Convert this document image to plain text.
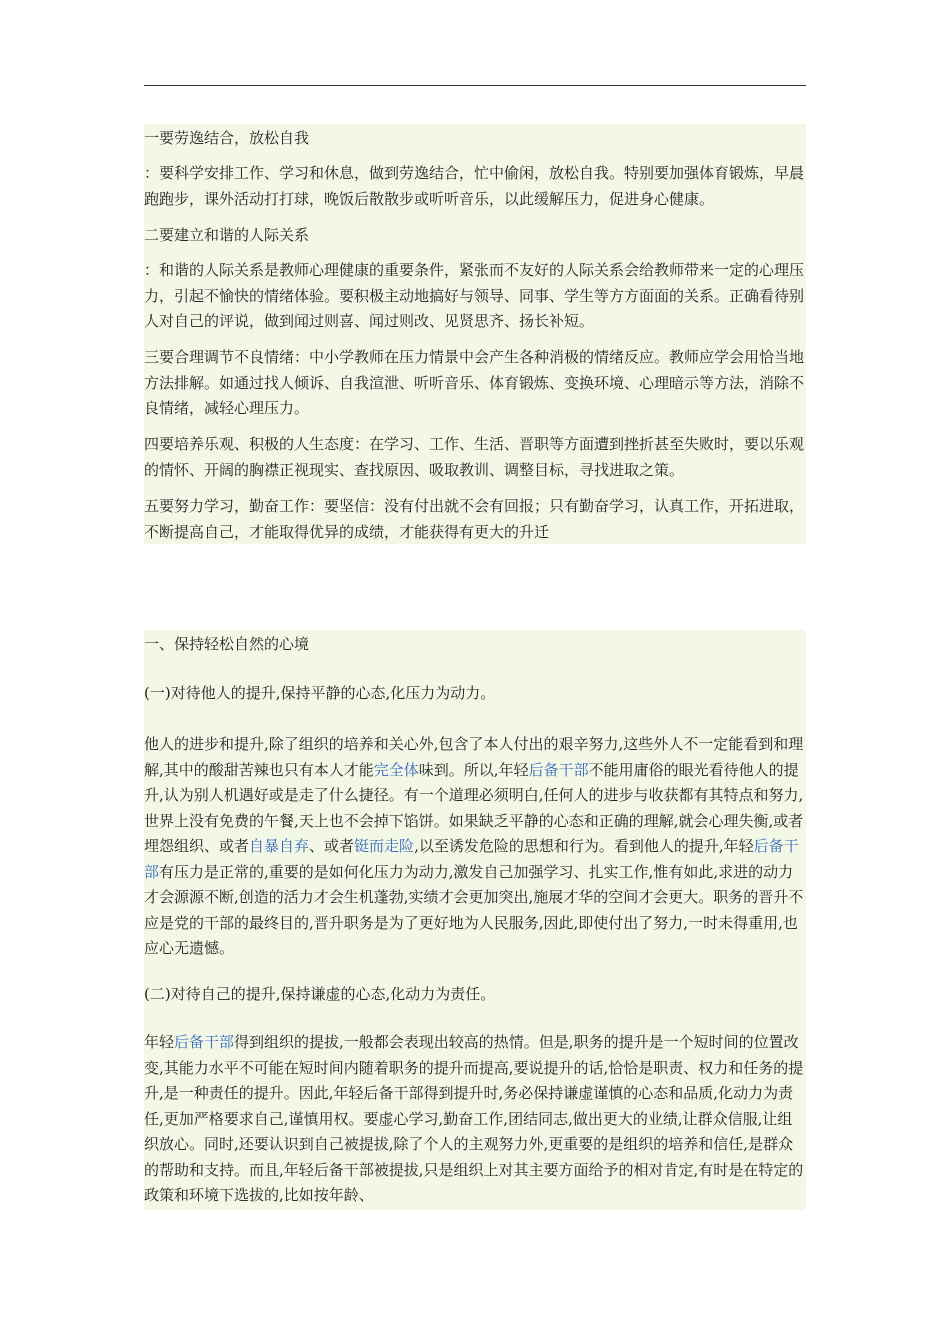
一要劳逸结合，放松自我

：要科学安排工作、学习和休息，做到劳逸结合，忙中偷闲，放松自我。特别要加强体育锻炼，早晨跑跑步，课外活动打打球，晚饭后散散步或听听音乐，以此缓解压力，促进身心健康。

二要建立和谐的人际关系

：和谐的人际关系是教师心理健康的重要条件，紧张而不友好的人际关系会给教师带来一定的心理压力，引起不愉快的情绪体验。要积极主动地搞好与领导、同事、学生等方方面面的关系。正确看待别人对自己的评说，做到闻过则喜、闻过则改、见贤思齐、扬长补短。

三要合理调节不良情绪：中小学教师在压力情景中会产生各种消极的情绪反应。教师应学会用恰当地方法排解。如通过找人倾诉、自我渲泄、听听音乐、体育锻炼、变换环境、心理暗示等方法，消除不良情绪，减轻心理压力。

四要培养乐观、积极的人生态度：在学习、工作、生活、晋职等方面遭到挫折甚至失败时，要以乐观的情怀、开阔的胸襟正视现实、查找原因、吸取教训、调整目标，寻找进取之策。

五要努力学习，勤奋工作：要坚信：没有付出就不会有回报；只有勤奋学习，认真工作，开拓进取，不断提高自己，才能取得优异的成绩，才能获得有更大的升迁

一、保持轻松自然的心境

(一)对待他人的提升,保持平静的心态,化压力为动力。

他人的进步和提升,除了组织的培养和关心外,包含了本人付出的艰辛努力,这些外人不一定能看到和理解,其中的酸甜苦辣也只有本人才能完全体味到。所以,年轻后备干部不能用庸俗的眼光看待他人的提升,认为别人机遇好或是走了什么捷径。有一个道理必须明白,任何人的进步与收获都有其特点和努力,世界上没有免费的午餐,天上也不会掉下馅饼。如果缺乏平静的心态和正确的理解,就会心理失衡,或者埋怨组织、或者自暴自弃、或者铤而走险,以至诱发危险的思想和行为。看到他人的提升,年轻后备干部有压力是正常的,重要的是如何化压力为动力,激发自己加强学习、扎实工作,惟有如此,求进的动力才会源源不断,创造的活力才会生机蓬勃,实绩才会更加突出,施展才华的空间才会更大。职务的晋升不应是党的干部的最终目的,晋升职务是为了更好地为人民服务,因此,即使付出了努力,一时未得重用,也应心无遗憾。

(二)对待自己的提升,保持谦虚的心态,化动力为责任。

年轻后备干部得到组织的提拔,一般都会表现出较高的热情。但是,职务的提升是一个短时间的位置改变,其能力水平不可能在短时间内随着职务的提升而提高,要说提升的话,恰恰是职责、权力和任务的提升,是一种责任的提升。因此,年轻后备干部得到提升时,务必保持谦虚谨慎的心态和品质,化动力为责任,更加严格要求自己,谨慎用权。要虚心学习,勤奋工作,团结同志,做出更大的业绩,让群众信服,让组织放心。同时,还要认识到自己被提拔,除了个人的主观努力外,更重要的是组织的培养和信任,是群众的帮助和支持。而且,年轻后备干部被提拔,只是组织上对其主要方面给予的相对肯定,有时是在特定的政策和环境下选拔的,比如按年龄、
